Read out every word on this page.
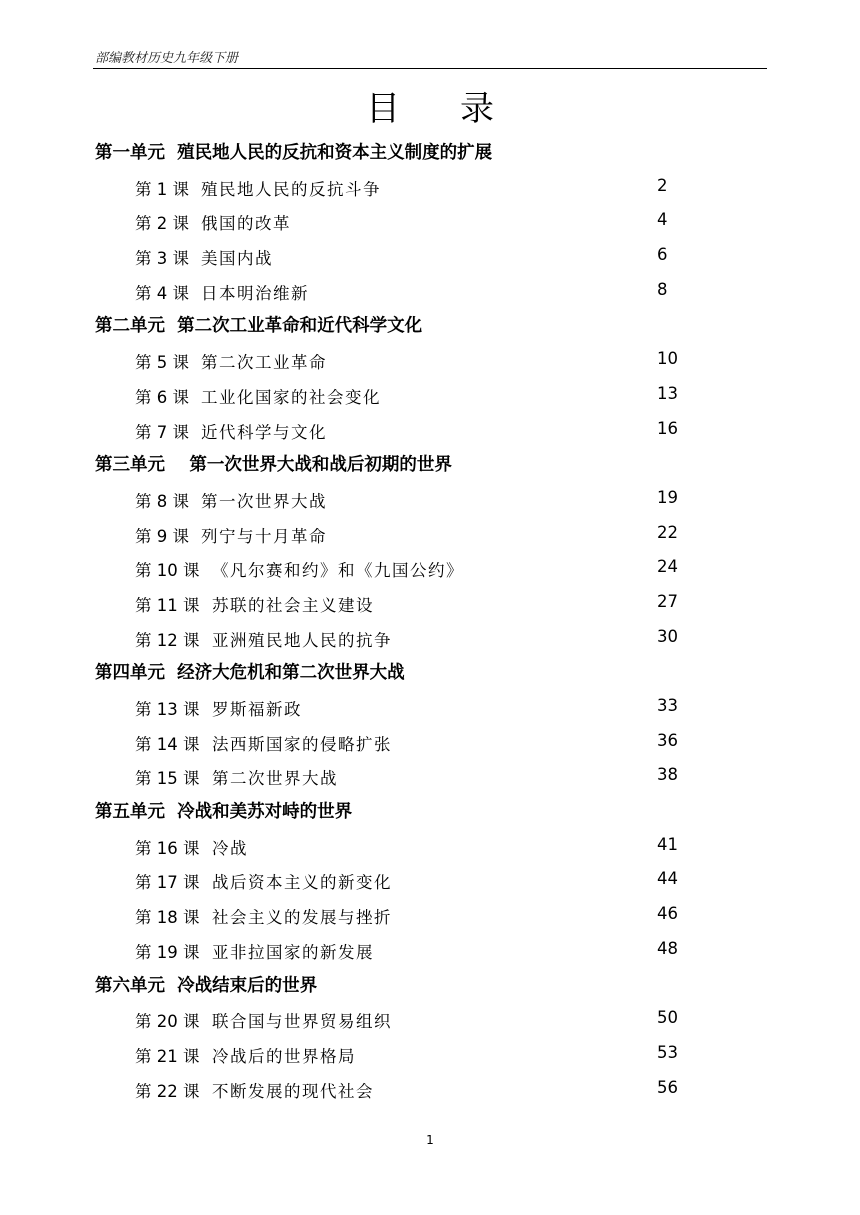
部编教材历史九年级下册
目录
第一单元  殖民地人民的反抗和资本主义制度的扩展
第 1 课 殖民地人民的反抗斗争	2
第 2 课 俄国的改革	4
第 3 课 美国内战	6
第 4 课 日本明治维新	8
第二单元  第二次工业革命和近代科学文化
第 5 课 第二次工业革命	10
第 6 课 工业化国家的社会变化	13
第 7 课 近代科学与文化	16
第三单元    第一次世界大战和战后初期的世界
第 8 课 第一次世界大战	19
第 9 课 列宁与十月革命	22
第 10 课 《凡尔赛和约》和《九国公约》	24
第 11 课 苏联的社会主义建设	27
第 12 课 亚洲殖民地人民的抗争	30
第四单元  经济大危机和第二次世界大战
第 13 课 罗斯福新政	33
第 14 课 法西斯国家的侵略扩张	36
第 15 课 第二次世界大战	38
第五单元  冷战和美苏对峙的世界
第 16 课 冷战	41
第 17 课 战后资本主义的新变化	44
第 18 课 社会主义的发展与挫折	46
第 19 课 亚非拉国家的新发展	48
第六单元  冷战结束后的世界
第 20 课 联合国与世界贸易组织	50
第 21 课 冷战后的世界格局	53
第 22 课 不断发展的现代社会	56
1
